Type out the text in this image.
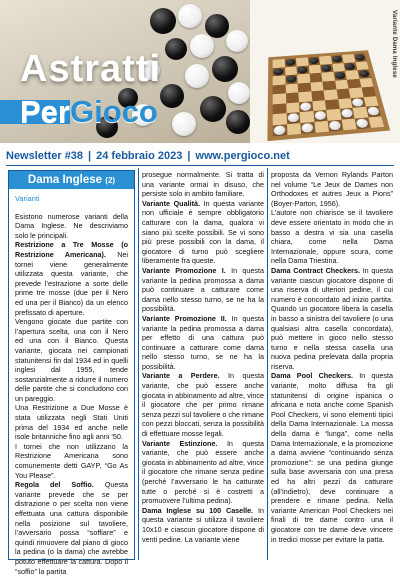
Variante Dama Inglese
Astratti
PerGioco
Newsletter #38 | 24 febbraio 2023 | www.pergioco.net
Dama Inglese (2)
Varianti

Esistono numerose varianti della Dama Inglese. Ne descriviamo solo le principali.

Restrizione a Tre Mosse (o Restrizione Americana). Nei tornei viene generalmente utilizzata questa variante, che prevede l’estrazione a sorte delle prime tre mosse (due per il Nero ed una per il Bianco) da un elenco prefissato di aperture.

Vengono giocate due partite con l’apertura scelta, una con il Nero ed una con il Bianco. Questa variante, giocata nei campionati statunitensi fin dal 1934 ed in quelli inglesi dal 1955, tende sostanzialmente a ridurre il numero delle partite che si concludono con un pareggio.

Una Restrizione a Due Mosse è stata utilizzata negli Stati Uniti prima del 1934 ed anche nelle isole britanniche fino agli anni ’50.

I tornei che non utilizzano la Restrizione Americana sono comunemente detti GAYP, “Go As You Please”.

Regola del Soffio. Questa variante prevede che se per distrazione o per scelta non viene effettuata una cattura disponibile nella posizione sul tavoliere, l’avversario possa “soffiare” e quindi rimuovere dal piano di gioco la pedina (o la dama) che avrebbe potuto effettuare la cattura. Dopo il “soffio” la partita

prosegue normalmente. Si tratta di una variante ormai in disuso, che persiste solo in ambito familiare.

Variante Qualità. In questa variante non ufficiale è sempre obbligatorio catturare con la dama, qualora vi siano più scelte possibili. Se vi sono più prese possibili con la dama, il giocatore di turno può scegliere liberamente fra queste.

Variante Promozione I. In questa variante la pedina promossa a dama può continuare a catturare come dama nello stesso turno, se ne ha la possibilità.

Variante Promozione II. In questa variante la pedina promossa a dama per effetto di una cattura può continuare a catturare come dama nello stesso turno, se ne ha la possibilità.

Variante a Perdere. In questa variante, che può essere anche giocata in abbinamento ad altre, vince il giocatore che per primo rimane senza pezzi sul tavoliere o che rimane con pezzi bloccati, senza la possibilità di effettuare mosse legali.

Variante Estinzione. In questa variante, che può essere anche giocata in abbinamento ad altre, vince il giocatore che rimane senza pedine (perché l’avversario le ha catturate tutte o perché si è costretti a promuovere l’ultima pedina).

Dama Inglese su 100 Caselle. In questa variante si utilizza il tavoliere 10x10 e ciascun giocatore dispone di venti pedine. La variante viene

proposta da Vernon Rylands Parton nel volume “Le Jeux de Dames non Orthodoxes et autres Jeux a Pions” (Boyer-Parton, 1956).

L’autore non chiarisce se il tavoliere deve essere orientato in modo che in basso a destra vi sia una casella chiara, come nella Dama Internazionale, oppure scura, come nella Dama Triestina.

Dama Contract Checkers. In questa variante ciascun giocatore dispone di una riserva di ulteriori pedine, il cui numero è concordato ad inizio partita. Quando un giocatore libera la casella in basso a sinistra del tavoliere (o una qualsiasi altra casella concordata), può mettere in gioco nello stesso turno e nella stessa casella una nuova pedina prelevata dalla propria riserva.

Dama Pool Checkers. In questa variante, molto diffusa fra gli statunitensi di origine ispanica o africana e nota anche come Spanish Pool Checkers, vi sono elementi tipici della Dama Internazionale. La mossa della dama è “lunga”, come nella Dama Internazionale, e la promozione a dama avviene “continuando senza promozione”: se una pedina giunge sulla base avversaria con una presa ed ha altri pezzi da catturare (all’indietro), deve continuare a prendere e rimane pedina. Nella variante American Pool Checkers nei finali di tre dame contro una il giocatore con tre dame deve vincere in tredici mosse per evitare la patta.
